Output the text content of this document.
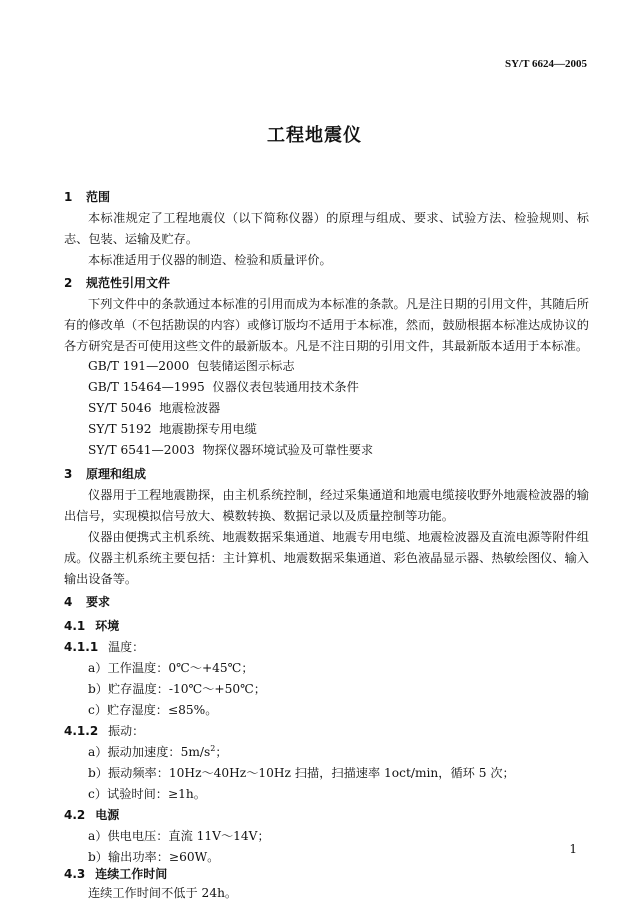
SY/T 6624—2005
工程地震仪
1 范围
本标准规定了工程地震仪（以下简称仪器）的原理与组成、要求、试验方法、检验规则、标志、包装、运输及贮存。
本标准适用于仪器的制造、检验和质量评价。
2 规范性引用文件
下列文件中的条款通过本标准的引用而成为本标准的条款。凡是注日期的引用文件，其随后所有的修改单（不包括勘误的内容）或修订版均不适用于本标准，然而，鼓励根据本标准达成协议的各方研究是否可使用这些文件的最新版本。凡是不注日期的引用文件，其最新版本适用于本标准。
GB/T 191—2000 包装储运图示标志
GB/T 15464—1995 仪器仪表包装通用技术条件
SY/T 5046 地震检波器
SY/T 5192 地震勘探专用电缆
SY/T 6541—2003 物探仪器环境试验及可靠性要求
3 原理和组成
仪器用于工程地震勘探，由主机系统控制，经过采集通道和地震电缆接收野外地震检波器的输出信号，实现模拟信号放大、模数转换、数据记录以及质量控制等功能。
仪器由便携式主机系统、地震数据采集通道、地震专用电缆、地震检波器及直流电源等附件组成。仪器主机系统主要包括：主计算机、地震数据采集通道、彩色液晶显示器、热敏绘图仪、输入输出设备等。
4 要求
4.1 环境
4.1.1 温度：
a）工作温度：0℃～+45℃；
b）贮存温度：-10℃～+50℃；
c）贮存湿度：≤85%。
4.1.2 振动：
a）振动加速度：$5m/s^2$；
b）振动频率：10Hz～40Hz～10Hz 扫描，扫描速率 1oct/min，循环 5 次；
c）试验时间：≥1h。
4.2 电源
a）供电电压：直流 11V～14V；
b）输出功率：≥60W。
4.3 连续工作时间
连续工作时间不低于 24h。
1
